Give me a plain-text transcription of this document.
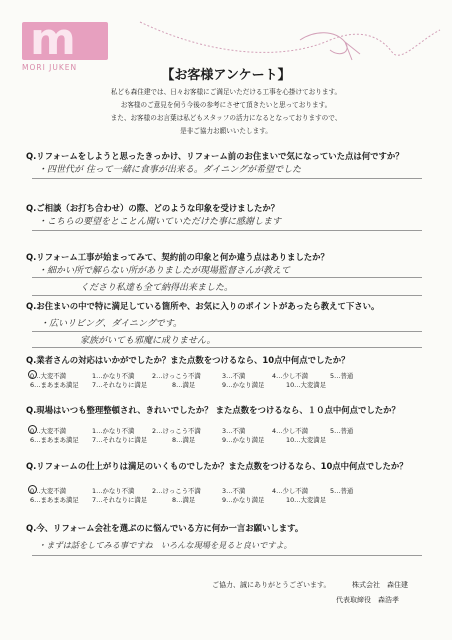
m
MORI JUKEN
【お客様アンケート】
私ども森住建では、日々お客様にご満足いただける工事を心掛けております。
お客様のご意見を伺う今後の参考にさせて頂きたいと思っております。
また、お客様のお言葉は私どもスタッフの活力になるとなっておりますので、
是非ご協力お願いいたします。
Q.リフォームをしようと思ったきっかけ、リフォーム前のお住まいで気になっていた点は何ですか？
・四世代が 住って一緒に食事が出来る。ダイニングが希望でした
Q.ご相談（お打ち合わせ）の際、どのような印象を受けましたか？
・こちらの要望をとことん聞いていただけた事に感謝します
Q.リフォーム工事が始まってみて、契約前の印象と何か違う点はありましたか？
・細かい所で解らない所がありましたが現場監督さんが教えて
くださり私達も全て納得出来ました。
Q.お住まいの中で特に満足している箇所や、お気に入りのポイントがあったら教えて下さい。
・広いリビング、ダイニングです。
家族がいても邪魔に成りません。
Q.業者さんの対応はいかがでしたか？また点数をつけるなら、10点中何点でしたか？
0…大変不満	1…かなり不満	2…けっこう不満	3…不満	4…少し不満	5…普通
6…まあまあ満足 7…それなりに満足	8…満足	9…かなり満足	10…大変満足
Q.現場はいつも整理整頓され、きれいでしたか？ また点数をつけるなら、１０点中何点でしたか？
0…大変不満	1…かなり不満	2…けっこう不満	3…不満	4…少し不満	5…普通
6…まあまあ満足 7…それなりに満足	8…満足	9…かなり満足	10…大変満足
Q.リフォームの仕上がりは満足のいくものでしたか？また点数をつけるなら、10点中何点でしたか？
0…大変不満	1…かなり不満	2…けっこう不満	3…不満	4…少し不満	5…普通
6…まあまあ満足 7…それなりに満足	8…満足	9…かなり満足	10…大変満足
Q.今、リフォーム会社を選ぶのに悩んでいる方に何か一言お願いします。
・まずは話をしてみる事ですね　いろんな現場を見ると良いですよ。
ご協力、誠にありがとうございます。	株式会社　森住建
代表取締役　森浩孝
